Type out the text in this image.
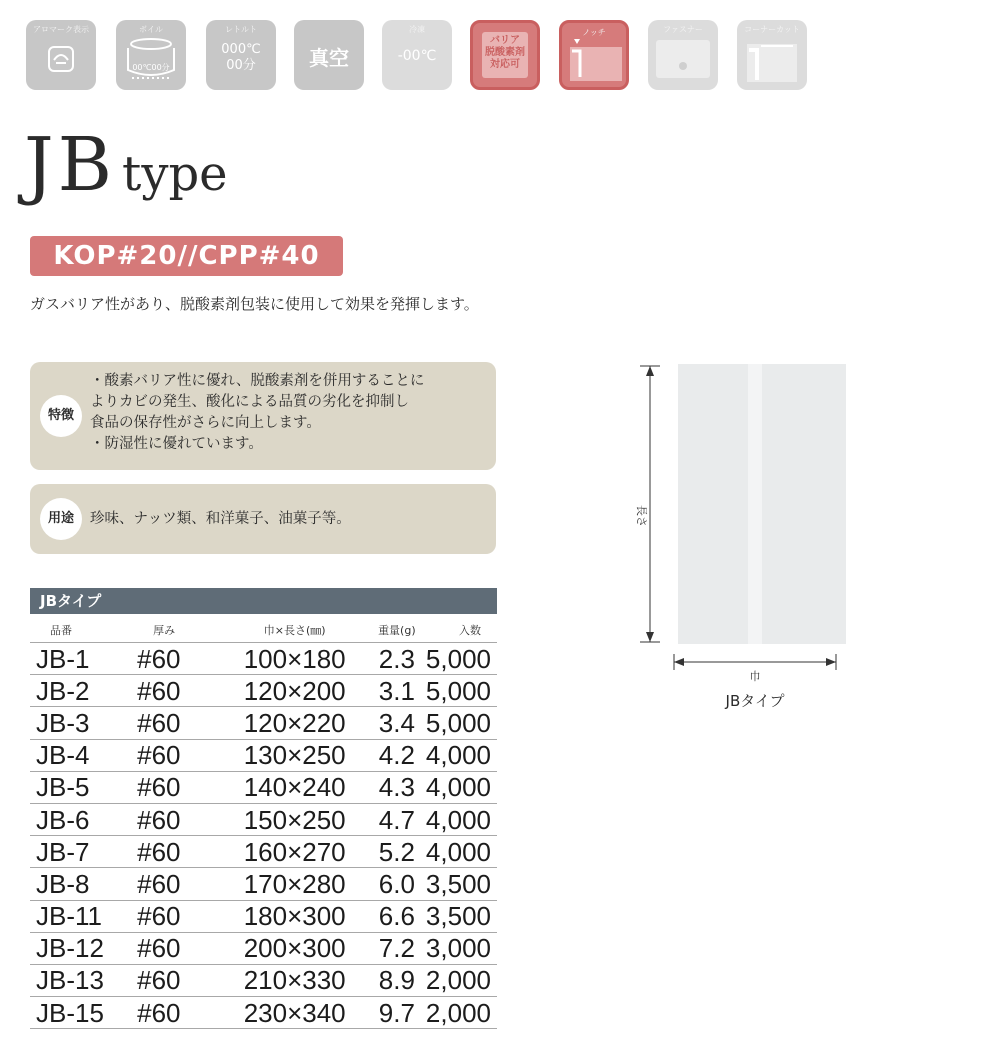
アロマーク表示	ボイル
00℃00分
レトルト
000℃
00分	真空
冷凍
-00℃
バリア
脱酸素剤
対応可
ノッチ	ファスナー	コーナーカット
JB type
KOP#20//CPP#40
ガスバリア性があり、脱酸素剤包装に使用して効果を発揮します。
特徴
・酸素バリア性に優れ、脱酸素剤を併用することに
よりカビの発生、酸化による品質の劣化を抑制し
食品の保存性がさらに向上します。
・防湿性に優れています。
用途	珍味、ナッツ類、和洋菓子、油菓子等。
JBタイプ
品番	厚み	巾×長さ(㎜)	重量(g)	入数
JB-1	#60	100×180	2.3	5,000
JB-2	#60	120×200	3.1	5,000
JB-3	#60	120×220	3.4	5,000
JB-4	#60	130×250	4.2	4,000
JB-5	#60	140×240	4.3	4,000
JB-6	#60	150×250	4.7	4,000
JB-7	#60	160×270	5.2	4,000
JB-8	#60	170×280	6.0	3,500
JB-11	#60	180×300	6.6	3,500
JB-12	#60	200×300	7.2	3,000
JB-13	#60	210×330	8.9	2,000
JB-15	#60	230×340	9.7	2,000
長さ
巾
JBタイプ
